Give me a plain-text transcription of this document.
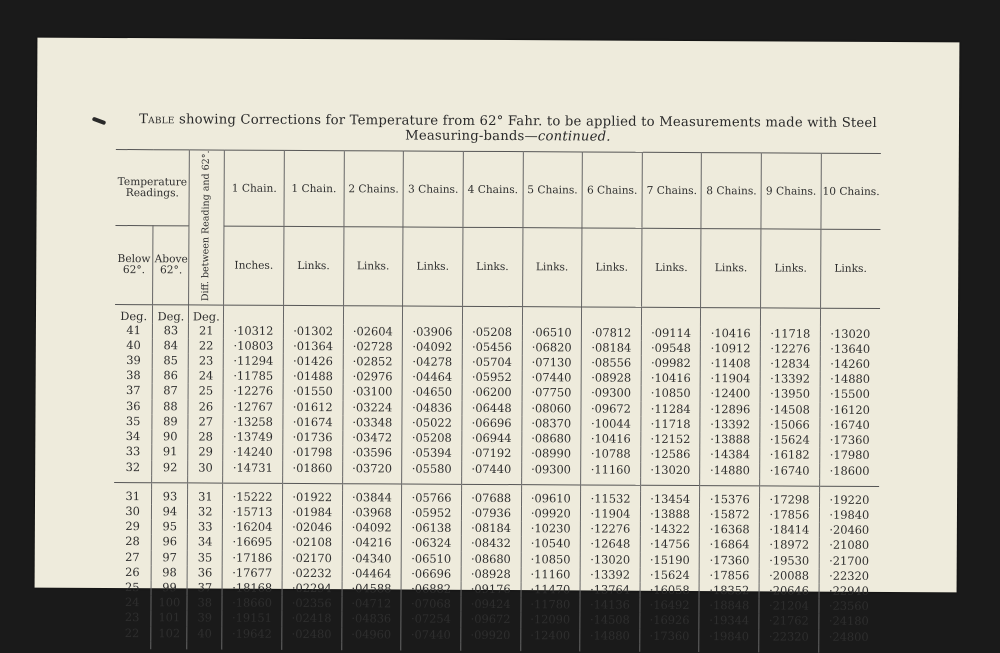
Table showing Corrections for Temperature from 62° Fahr. to be applied to Measurements made with Steel Measuring-bands—continued.
Temperature Readings.		Diff. between Reading and 62°.	1 Chain.	1 Chain.	2 Chains.	3 Chains.	4 Chains.	5 Chains.	6 Chains.	7 Chains.	8 Chains.	9 Chains.	10 Chains.
Below 62°.	Above 62°.		Inches.	Links.	Links.	Links.	Links.	Links.	Links.	Links.	Links.	Links.	Links.
Deg.	Deg.	Deg.											
41	83	21	·10312	·01302	·02604	·03906	·05208	·06510	·07812	·09114	·10416	·11718	·13020
40	84	22	·10803	·01364	·02728	·04092	·05456	·06820	·08184	·09548	·10912	·12276	·13640
39	85	23	·11294	·01426	·02852	·04278	·05704	·07130	·08556	·09982	·11408	·12834	·14260
38	86	24	·11785	·01488	·02976	·04464	·05952	·07440	·08928	·10416	·11904	·13392	·14880
37	87	25	·12276	·01550	·03100	·04650	·06200	·07750	·09300	·10850	·12400	·13950	·15500
36	88	26	·12767	·01612	·03224	·04836	·06448	·08060	·09672	·11284	·12896	·14508	·16120
35	89	27	·13258	·01674	·03348	·05022	·06696	·08370	·10044	·11718	·13392	·15066	·16740
34	90	28	·13749	·01736	·03472	·05208	·06944	·08680	·10416	·12152	·13888	·15624	·17360
33	91	29	·14240	·01798	·03596	·05394	·07192	·08990	·10788	·12586	·14384	·16182	·17980
32	92	30	·14731	·01860	·03720	·05580	·07440	·09300	·11160	·13020	·14880	·16740	·18600

31	93	31	·15222	·01922	·03844	·05766	·07688	·09610	·11532	·13454	·15376	·17298	·19220
30	94	32	·15713	·01984	·03968	·05952	·07936	·09920	·11904	·13888	·15872	·17856	·19840
29	95	33	·16204	·02046	·04092	·06138	·08184	·10230	·12276	·14322	·16368	·18414	·20460
28	96	34	·16695	·02108	·04216	·06324	·08432	·10540	·12648	·14756	·16864	·18972	·21080
27	97	35	·17186	·02170	·04340	·06510	·08680	·10850	·13020	·15190	·17360	·19530	·21700
26	98	36	·17677	·02232	·04464	·06696	·08928	·11160	·13392	·15624	·17856	·20088	·22320
25	99	37	·18168	·02294	·04588	·06882	·09176	·11470	·13764	·16058	·18352	·20646	·22940
24	100	38	·18660	·02356	·04712	·07068	·09424	·11780	·14136	·16492	·18848	·21204	·23560
23	101	39	·19151	·02418	·04836	·07254	·09672	·12090	·14508	·16926	·19344	·21762	·24180
22	102	40	·19642	·02480	·04960	·07440	·09920	·12400	·14880	·17360	·19840	·22320	·24800
